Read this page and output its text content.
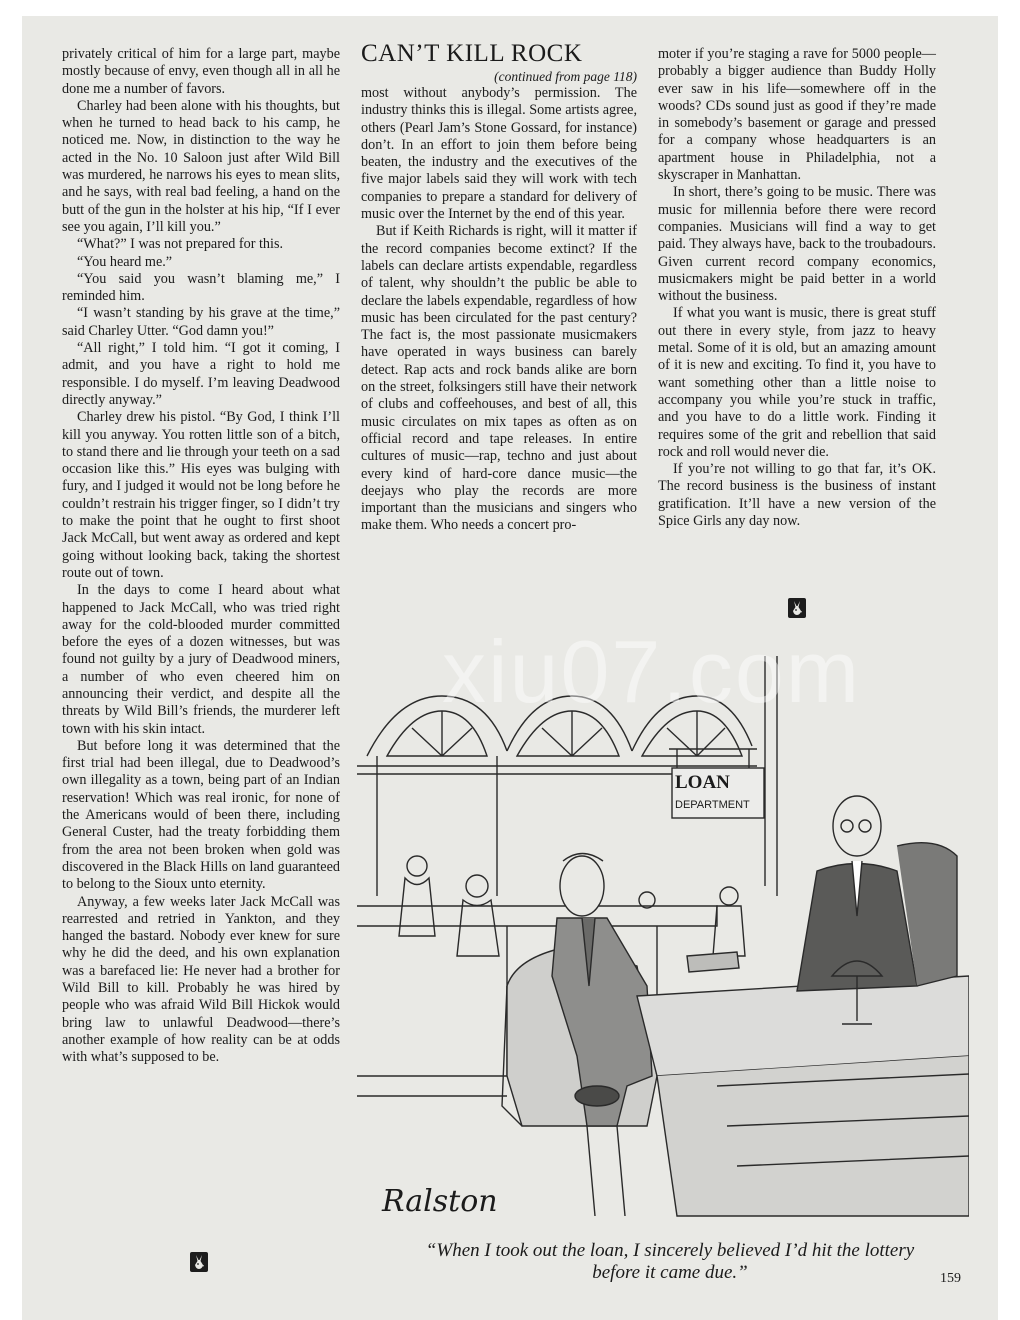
privately critical of him for a large part, maybe mostly because of envy, even though all in all he done me a number of favors.

Charley had been alone with his thoughts, but when he turned to head back to his camp, he noticed me. Now, in distinction to the way he acted in the No. 10 Saloon just after Wild Bill was murdered, he narrows his eyes to mean slits, and he says, with real bad feeling, a hand on the butt of the gun in the holster at his hip, “If I ever see you again, I’ll kill you.”

“What?” I was not prepared for this.

“You heard me.”

“You said you wasn’t blaming me,” I reminded him.

“I wasn’t standing by his grave at the time,” said Charley Utter. “God damn you!”

“All right,” I told him. “I got it coming, I admit, and you have a right to hold me responsible. I do myself. I’m leaving Deadwood directly anyway.”

Charley drew his pistol. “By God, I think I’ll kill you anyway. You rotten little son of a bitch, to stand there and lie through your teeth on a sad occasion like this.” His eyes was bulging with fury, and I judged it would not be long before he couldn’t restrain his trigger finger, so I didn’t try to make the point that he ought to first shoot Jack McCall, but went away as ordered and kept going without looking back, taking the shortest route out of town.

In the days to come I heard about what happened to Jack McCall, who was tried right away for the cold-blooded murder committed before the eyes of a dozen witnesses, but was found not guilty by a jury of Deadwood miners, a number of who even cheered him on announcing their verdict, and despite all the threats by Wild Bill’s friends, the murderer left town with his skin intact.

But before long it was determined that the first trial had been illegal, due to Deadwood’s own illegality as a town, being part of an Indian reservation! Which was real ironic, for none of the Americans would of been there, including General Custer, had the treaty forbidding them from the area not been broken when gold was discovered in the Black Hills on land guaranteed to belong to the Sioux unto eternity.

Anyway, a few weeks later Jack McCall was rearrested and retried in Yankton, and they hanged the bastard. Nobody ever knew for sure why he did the deed, and his own explanation was a barefaced lie: He never had a brother for Wild Bill to kill. Probably he was hired by people who was afraid Wild Bill Hickok would bring law to unlawful Deadwood—there’s another example of how reality can be at odds with what’s supposed to be.

CAN’T KILL ROCK

(continued from page 118)

most without anybody’s permission. The industry thinks this is illegal. Some artists agree, others (Pearl Jam’s Stone Gossard, for instance) don’t. In an effort to join them before being beaten, the industry and the executives of the five major labels said they will work with tech companies to prepare a standard for delivery of music over the Internet by the end of this year.

But if Keith Richards is right, will it matter if the record companies become extinct? If the labels can declare artists expendable, regardless of talent, why shouldn’t the public be able to declare the labels expendable, regardless of how music has been circulated for the past century? The fact is, the most passionate musicmakers have operated in ways business can barely detect. Rap acts and rock bands alike are born on the street, folksingers still have their network of clubs and coffeehouses, and best of all, this music circulates on mix tapes as often as on official record and tape releases. In entire cultures of music—rap, techno and just about every kind of hard-core dance music—the deejays who play the records are more important than the musicians and singers who make them. Who needs a concert pro-

moter if you’re staging a rave for 5000 people—probably a bigger audience than Buddy Holly ever saw in his life—somewhere off in the woods? CDs sound just as good if they’re made in somebody’s basement or garage and pressed for a company whose headquarters is an apartment house in Philadelphia, not a skyscraper in Manhattan.

In short, there’s going to be music. There was music for millennia before there were record companies. Musicians will find a way to get paid. They always have, back to the troubadours. Given current record company economics, musicmakers might be paid better in a world without the business.

If what you want is music, there is great stuff out there in every style, from jazz to heavy metal. Some of it is old, but an amazing amount of it is new and exciting. To find it, you have to want something other than a little noise to accompany you while you’re stuck in traffic, and you have to do a little work. Finding it requires some of the grit and rebellion that said rock and roll would never die.

If you’re not willing to go that far, it’s OK. The record business is the business of instant gratification. It’ll have a new version of the Spice Girls any day now.

LOAN
DEPARTMENT
Ralston

“When I took out the loan, I sincerely believed I’d hit the lottery before it came due.”	159
xiu07.com
